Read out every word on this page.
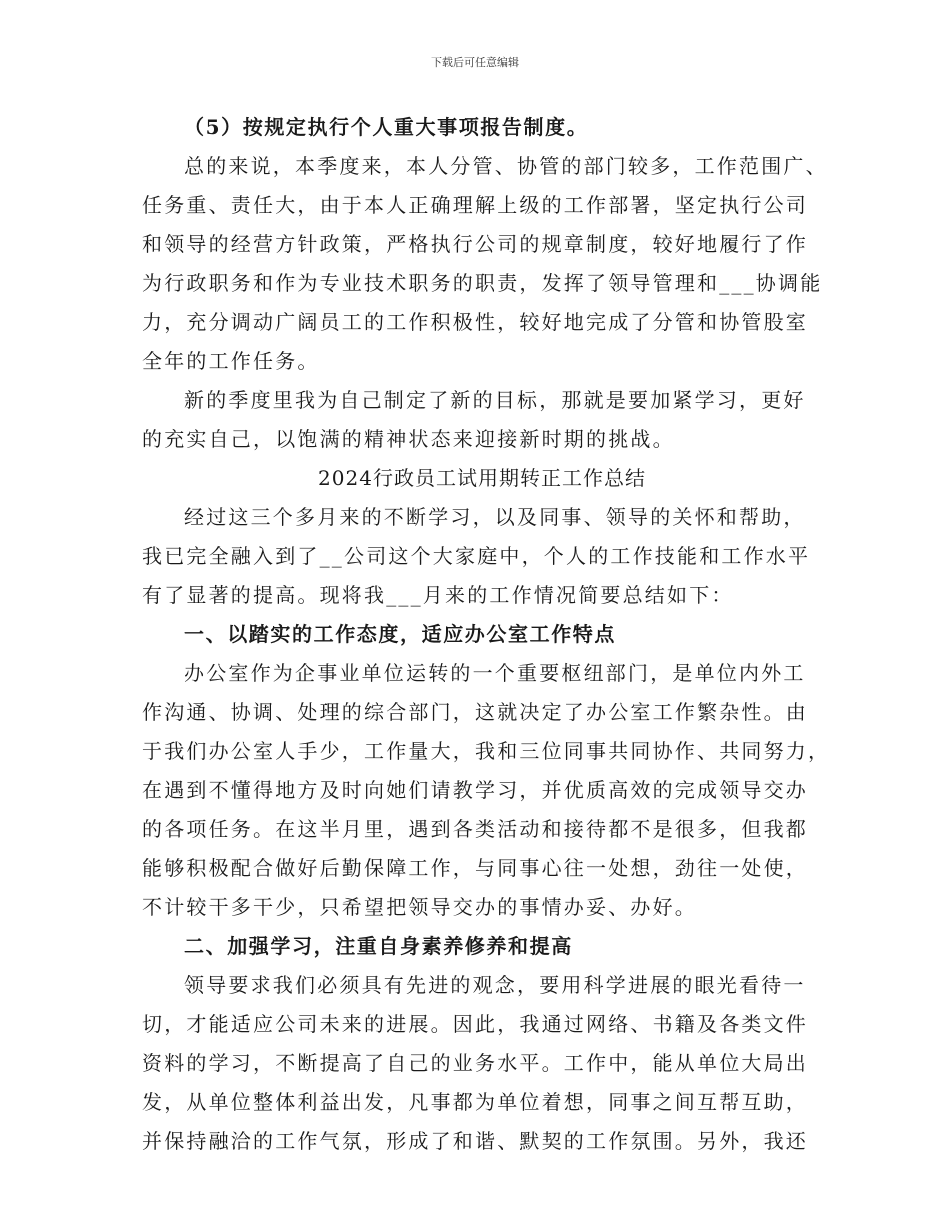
下载后可任意编辑
（5）按规定执行个人重大事项报告制度。
总的来说，本季度来，本人分管、协管的部门较多，工作范围广、
任务重、责任大，由于本人正确理解上级的工作部署，坚定执行公司
和领导的经营方针政策，严格执行公司的规章制度，较好地履行了作
为行政职务和作为专业技术职务的职责，发挥了领导管理和___协调能
力，充分调动广阔员工的工作积极性，较好地完成了分管和协管股室
全年的工作任务。
新的季度里我为自己制定了新的目标，那就是要加紧学习，更好
的充实自己，以饱满的精神状态来迎接新时期的挑战。
2024行政员工试用期转正工作总结
经过这三个多月来的不断学习，以及同事、领导的关怀和帮助，
我已完全融入到了__公司这个大家庭中，个人的工作技能和工作水平
有了显著的提高。现将我___月来的工作情况简要总结如下：
一、以踏实的工作态度，适应办公室工作特点
办公室作为企事业单位运转的一个重要枢纽部门，是单位内外工
作沟通、协调、处理的综合部门，这就决定了办公室工作繁杂性。由
于我们办公室人手少，工作量大，我和三位同事共同协作、共同努力，
在遇到不懂得地方及时向她们请教学习，并优质高效的完成领导交办
的各项任务。在这半月里，遇到各类活动和接待都不是很多，但我都
能够积极配合做好后勤保障工作，与同事心往一处想，劲往一处使，
不计较干多干少，只希望把领导交办的事情办妥、办好。
二、加强学习，注重自身素养修养和提高
领导要求我们必须具有先进的观念，要用科学进展的眼光看待一
切，才能适应公司未来的进展。因此，我通过网络、书籍及各类文件
资料的学习，不断提高了自己的业务水平。工作中，能从单位大局出
发，从单位整体利益出发，凡事都为单位着想，同事之间互帮互助，
并保持融洽的工作气氛，形成了和谐、默契的工作氛围。另外，我还
